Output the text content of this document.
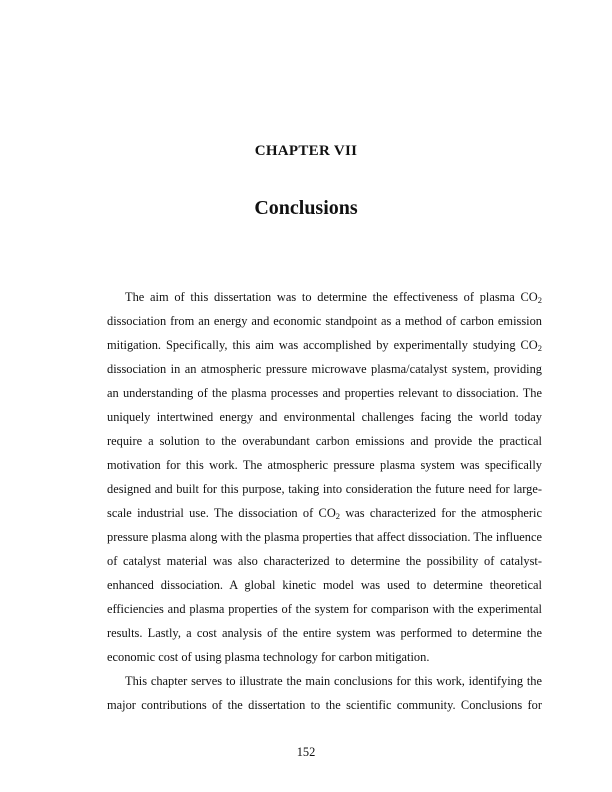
CHAPTER VII
Conclusions
The aim of this dissertation was to determine the effectiveness of plasma $CO_2$
dissociation from an energy and economic standpoint as a method of carbon emission
mitigation. Specifically, this aim was accomplished by experimentally studying $CO_2$
dissociation in an atmospheric pressure microwave plasma/catalyst system, providing
an understanding of the plasma processes and properties relevant to dissociation. The
uniquely intertwined energy and environmental challenges facing the world today
require a solution to the overabundant carbon emissions and provide the practical
motivation for this work. The atmospheric pressure plasma system was specifically
designed and built for this purpose, taking into consideration the future need for large-
scale industrial use. The dissociation of $CO_2$ was characterized for the atmospheric
pressure plasma along with the plasma properties that affect dissociation. The influence
of catalyst material was also characterized to determine the possibility of catalyst-
enhanced dissociation. A global kinetic model was used to determine theoretical
efficiencies and plasma properties of the system for comparison with the experimental
results. Lastly, a cost analysis of the entire system was performed to determine the
economic cost of using plasma technology for carbon mitigation.
This chapter serves to illustrate the main conclusions for this work, identifying the
major contributions of the dissertation to the scientific community. Conclusions for
152
